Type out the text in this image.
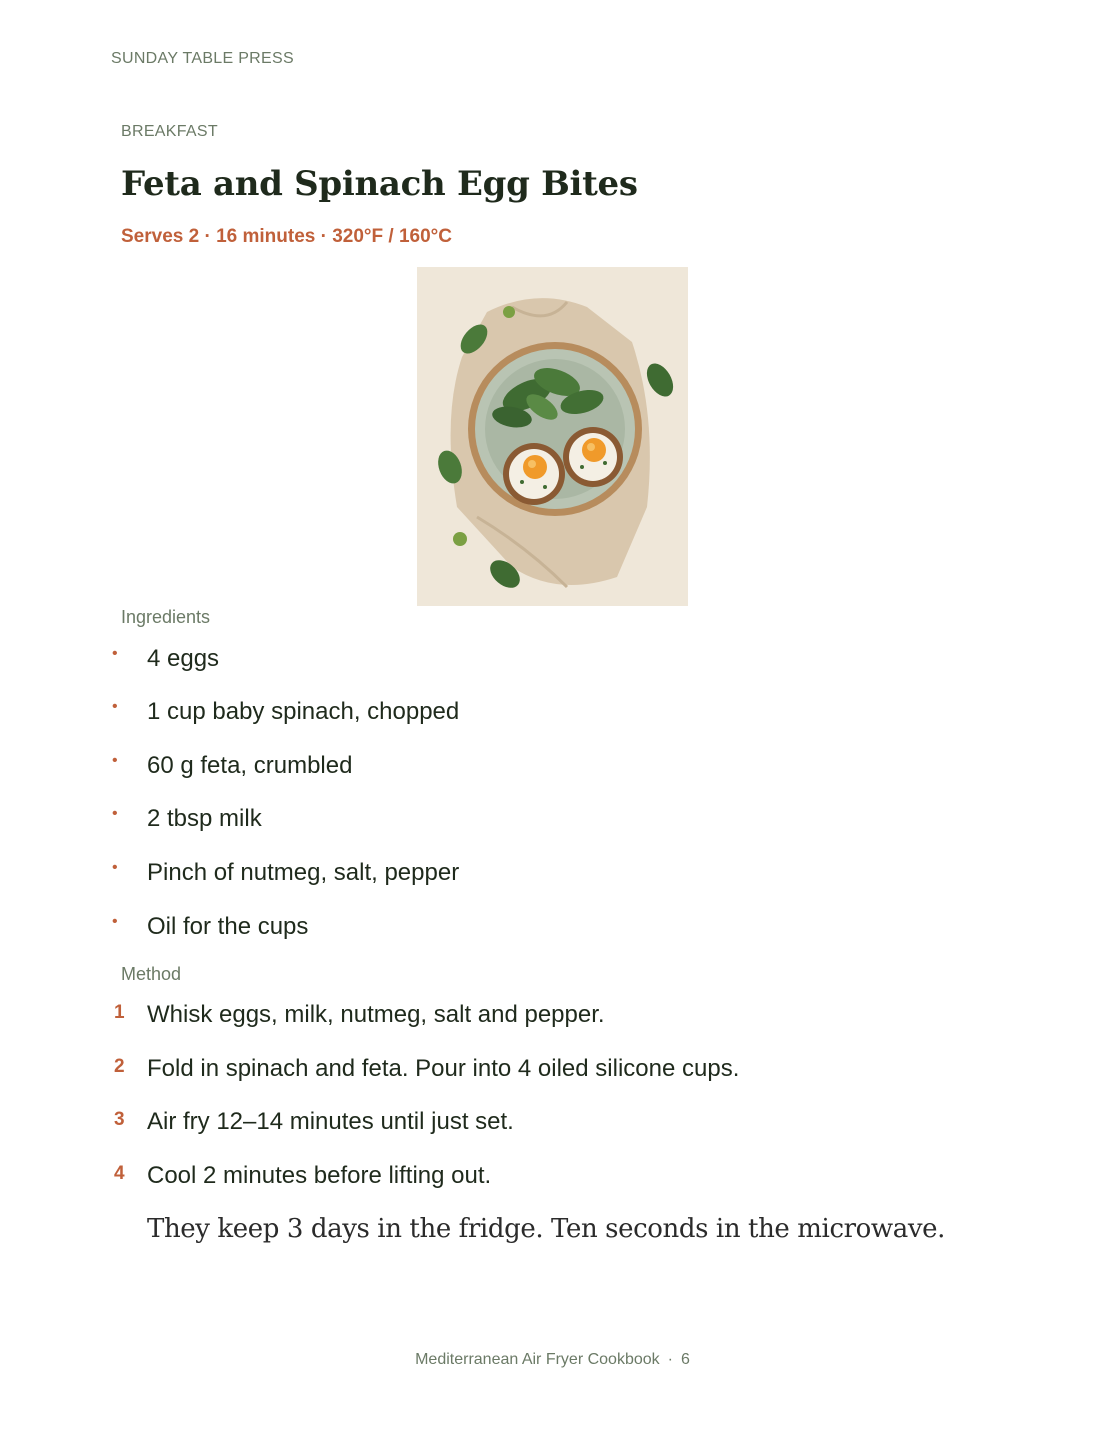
SUNDAY TABLE PRESS
BREAKFAST
Feta and Spinach Egg Bites
Serves 2 · 16 minutes · 320°F / 160°C
Ingredients
• 4 eggs
• 1 cup baby spinach, chopped
• 60 g feta, crumbled
• 2 tbsp milk
• Pinch of nutmeg, salt, pepper
• Oil for the cups
Method
1 Whisk eggs, milk, nutmeg, salt and pepper.
2 Fold in spinach and feta. Pour into 4 oiled silicone cups.
3 Air fry 12–14 minutes until just set.
4 Cool 2 minutes before lifting out.
They keep 3 days in the fridge. Ten seconds in the microwave.
Mediterranean Air Fryer Cookbook · 6
